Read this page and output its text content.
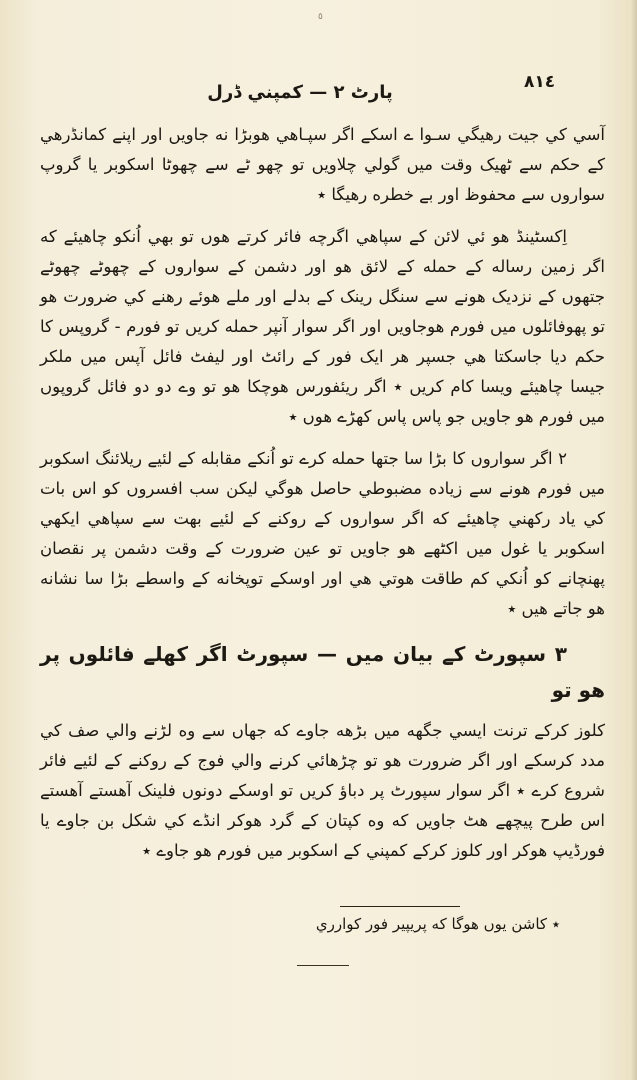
٥
٨١٤
پارٹ ٢ — کمپني ڈرل

آسي کي جيت رهيگي سـوا ے اسکے اگر سپـاهي هوبڑا نه جاویں اور اپنے کمانڈرهي کے حکم سے ٹهيک وقت ميں گولي چلاویں تو چهو ٹے سے چهوٹا اسکوبر يا گروپ سواروں سے محفوظ اور بے خطره رهيگا ٭

اِکسٹينڈ هو ئي لائن کے سپاهي اگرچه فائر کرتے هوں تو بهي اُنکو چاهيئے که اگر زمين رساله کے حمله کے لائق هو اور دشمن کے سواروں کے چهوٹے چهوٹے جتهوں کے نزديک هونے سے سنگل رينک کے بدلے اور ملے هوئے رهنے کي ضرورت هو تو پهوفائلوں ميں فورم هوجاويں اور اگر سوار آنپر حمله کريں تو فورم - گروپس کا حکم ديا جاسکتا هي جسپر هر ايک فور کے رائٹ اور ليفٹ فائل آپس ميں ملکر جيسا چاهيئے ويسا کام کريں ٭ اگر ريئفورس هوچکا هو تو وے دو دو فائل گروپوں ميں فورم هو جاويں جو پاس پاس کهڑے هوں ٭

٢ اگر سواروں کا بڑا سا جتها حمله کرے تو اُنکے مقابله کے لئيے ريلائنگ اسکوبر ميں فورم هونے سے زياده مضبوطي حاصل هوگي ليکن سب افسروں کو اس بات کي ياد رکهني چاهيئے که اگر سواروں کے روکنے کے لئيے بهت سے سپاهي ايکهي اسکوبر يا غول ميں اکٹهے هو جاويں تو عين ضرورت کے وقت دشمن پر نقصان پهنچانے کو اُنکي کم طاقت هوتي هي اور اوسکے توپخانه کے واسطے بڑا سا نشانه هو جاتے هيں ٭

٣ سپورٹ کے بيان ميں — سپورٹ اگر کهلے فائلوں پر هو تو

کلوز کرکے ترنت ايسي جگهه ميں بڑهه جاوے که جهاں سے وه لڑنے والي صف کي مدد کرسکے اور اگر ضرورت هو تو چڑهائي کرنے والي فوج کے روکنے کے لئيے فائر شروع کرے ٭ اگر سوار سپورٹ پر دباؤ کريں تو اوسکے دونوں فلينک آهستے آهستے اس طرح پيچهے هٹ جاويں که وه کپتان کے گرد هوکر انڈے کي شکل بن جاوے يا فورڈيپ هوکر اور کلوز کرکے کمپني کے اسکوبر ميں فورم هو جاوے ٭

٭ کاشن يوں هوگا که پريپير فور کوارري
